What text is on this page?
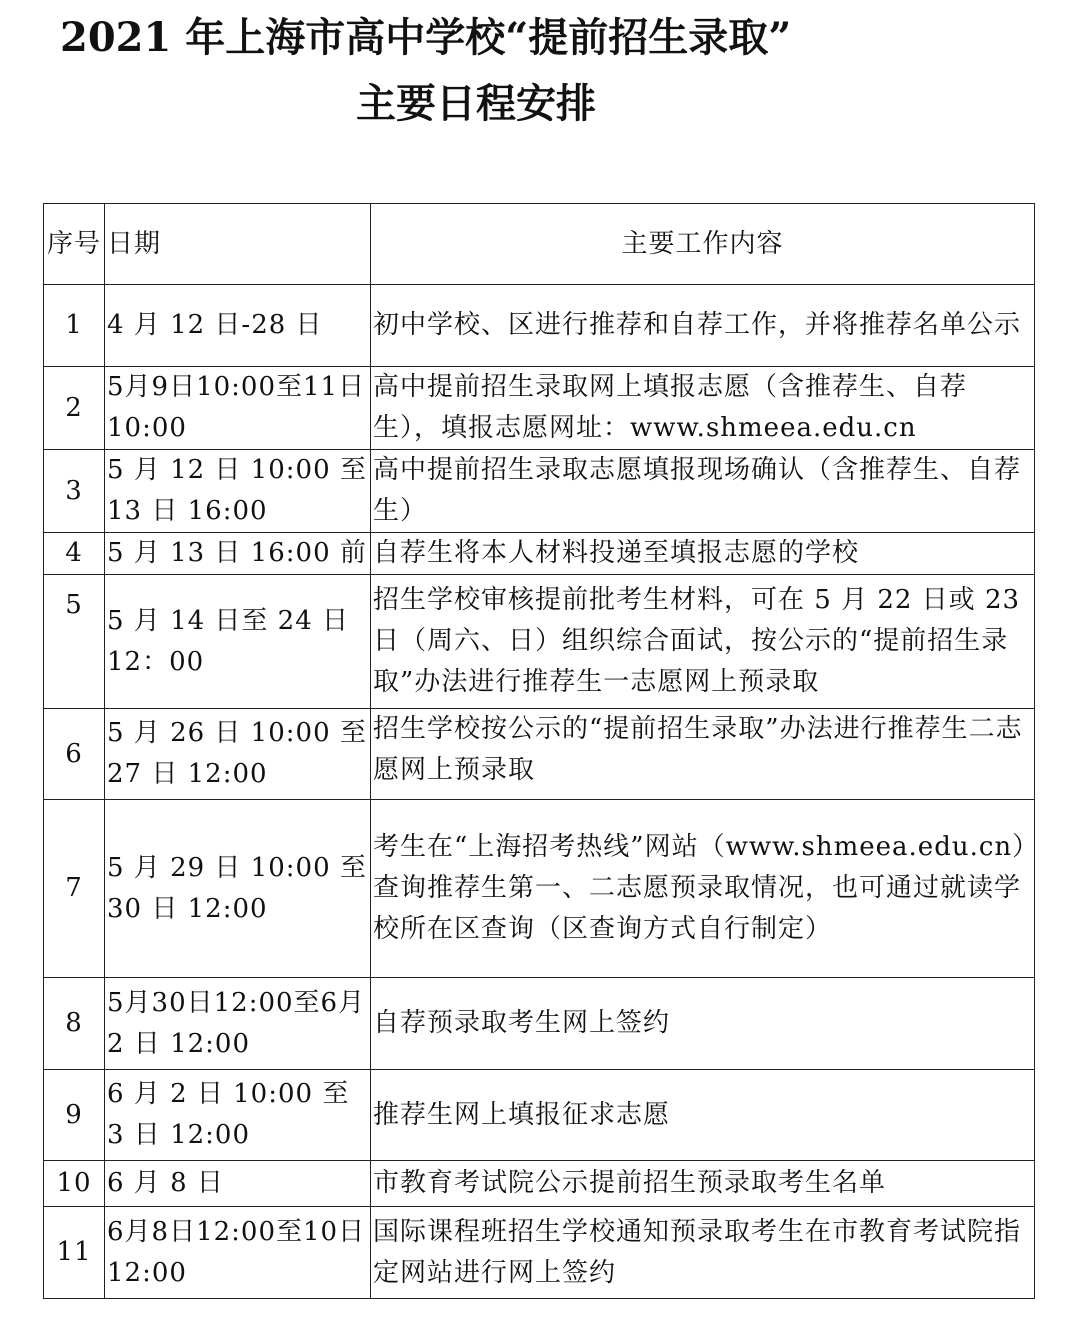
2021 年上海市高中学校“提前招生录取”
主要日程安排
序号	日期	主要工作内容
1	4 月 12 日-28 日	初中学校、区进行推荐和自荐工作，并将推荐名单公示
2	5月9日10:00至11日 10:00	高中提前招生录取网上填报志愿（含推荐生、自荐生），填报志愿网址：www.shmeea.edu.cn
3	5 月 12 日 10:00 至 13 日 16:00	高中提前招生录取志愿填报现场确认（含推荐生、自荐生）
4	5 月 13 日 16:00 前	自荐生将本人材料投递至填报志愿的学校
5	5 月 14 日至 24 日 12：00	招生学校审核提前批考生材料，可在 5 月 22 日或 23 日（周六、日）组织综合面试，按公示的“提前招生录取”办法进行推荐生一志愿网上预录取
6	5 月 26 日 10:00 至 27 日 12:00	招生学校按公示的“提前招生录取”办法进行推荐生二志愿网上预录取
7	5 月 29 日 10:00 至 30 日 12:00	考生在“上海招考热线”网站（www.shmeea.edu.cn）查询推荐生第一、二志愿预录取情况，也可通过就读学校所在区查询（区查询方式自行制定）
8	5月30日12:00至6月 2 日 12:00	自荐预录取考生网上签约
9	6 月 2 日 10:00 至 3 日 12:00	推荐生网上填报征求志愿
10	6 月 8 日	市教育考试院公示提前招生预录取考生名单
11	6月8日12:00至10日 12:00	国际课程班招生学校通知预录取考生在市教育考试院指定网站进行网上签约
